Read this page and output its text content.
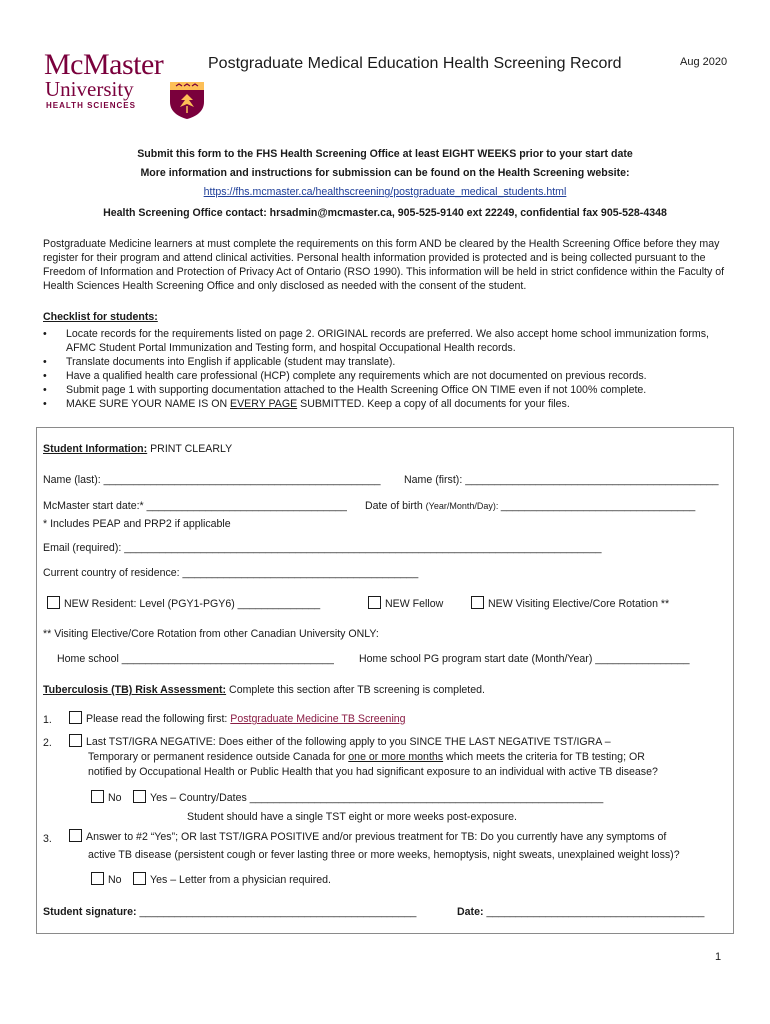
McMaster
University
HEALTH SCIENCES
Postgraduate Medical Education Health Screening Record	Aug 2020
Submit this form to the FHS Health Screening Office at least EIGHT WEEKS prior to your start date
More information and instructions for submission can be found on the Health Screening website:
https://fhs.mcmaster.ca/healthscreening/postgraduate_medical_students.html
Health Screening Office contact: hrsadmin@mcmaster.ca, 905-525-9140 ext 22249, confidential fax 905-528-4348
Postgraduate Medicine learners at must complete the requirements on this form AND be cleared by the Health Screening Office before they may register for their program and attend clinical activities. Personal health information provided is protected and is being collected pursuant to the Freedom of Information and Protection of Privacy Act of Ontario (RSO 1990). This information will be held in strict confidence within the Faculty of Health Sciences Health Screening Office and only disclosed as needed with the consent of the student.
Checklist for students:
• Locate records for the requirements listed on page 2. ORIGINAL records are preferred. We also accept home school immunization forms, AFMC Student Portal Immunization and Testing form, and hospital Occupational Health records.
• Translate documents into English if applicable (student may translate).
• Have a qualified health care professional (HCP) complete any requirements which are not documented on previous records.
• Submit page 1 with supporting documentation attached to the Health Screening Office ON TIME even if not 100% complete.
• MAKE SURE YOUR NAME IS ON EVERY PAGE SUBMITTED. Keep a copy of all documents for your files.
Student Information: PRINT CLEARLY
Name (last): _______________________________________________ Name (first): ___________________________________________
McMaster start date:* __________________________________ Date of birth (Year/Month/Day): _________________________________
* Includes PEAP and PRP2 if applicable
Email (required): _________________________________________________________________________________
Current country of residence: ________________________________________
NEW Resident: Level (PGY1-PGY6) ______________	NEW Fellow	NEW Visiting Elective/Core Rotation **
** Visiting Elective/Core Rotation from other Canadian University ONLY:
Home school ____________________________________ Home school PG program start date (Month/Year) ________________
Tuberculosis (TB) Risk Assessment: Complete this section after TB screening is completed.
1.	Please read the following first: Postgraduate Medicine TB Screening
2.	Last TST/IGRA NEGATIVE: Does either of the following apply to you SINCE THE LAST NEGATIVE TST/IGRA –
Temporary or permanent residence outside Canada for one or more months which meets the criteria for TB testing; OR
notified by Occupational Health or Public Health that you had significant exposure to an individual with active TB disease?
No	Yes – Country/Dates ____________________________________________________________
Student should have a single TST eight or more weeks post-exposure.
3.	Answer to #2 “Yes”; OR last TST/IGRA POSITIVE and/or previous treatment for TB: Do you currently have any symptoms of
active TB disease (persistent cough or fever lasting three or more weeks, hemoptysis, night sweats, unexplained weight loss)?
No	Yes – Letter from a physician required.
Student signature: _______________________________________________	Date: _____________________________________
1
